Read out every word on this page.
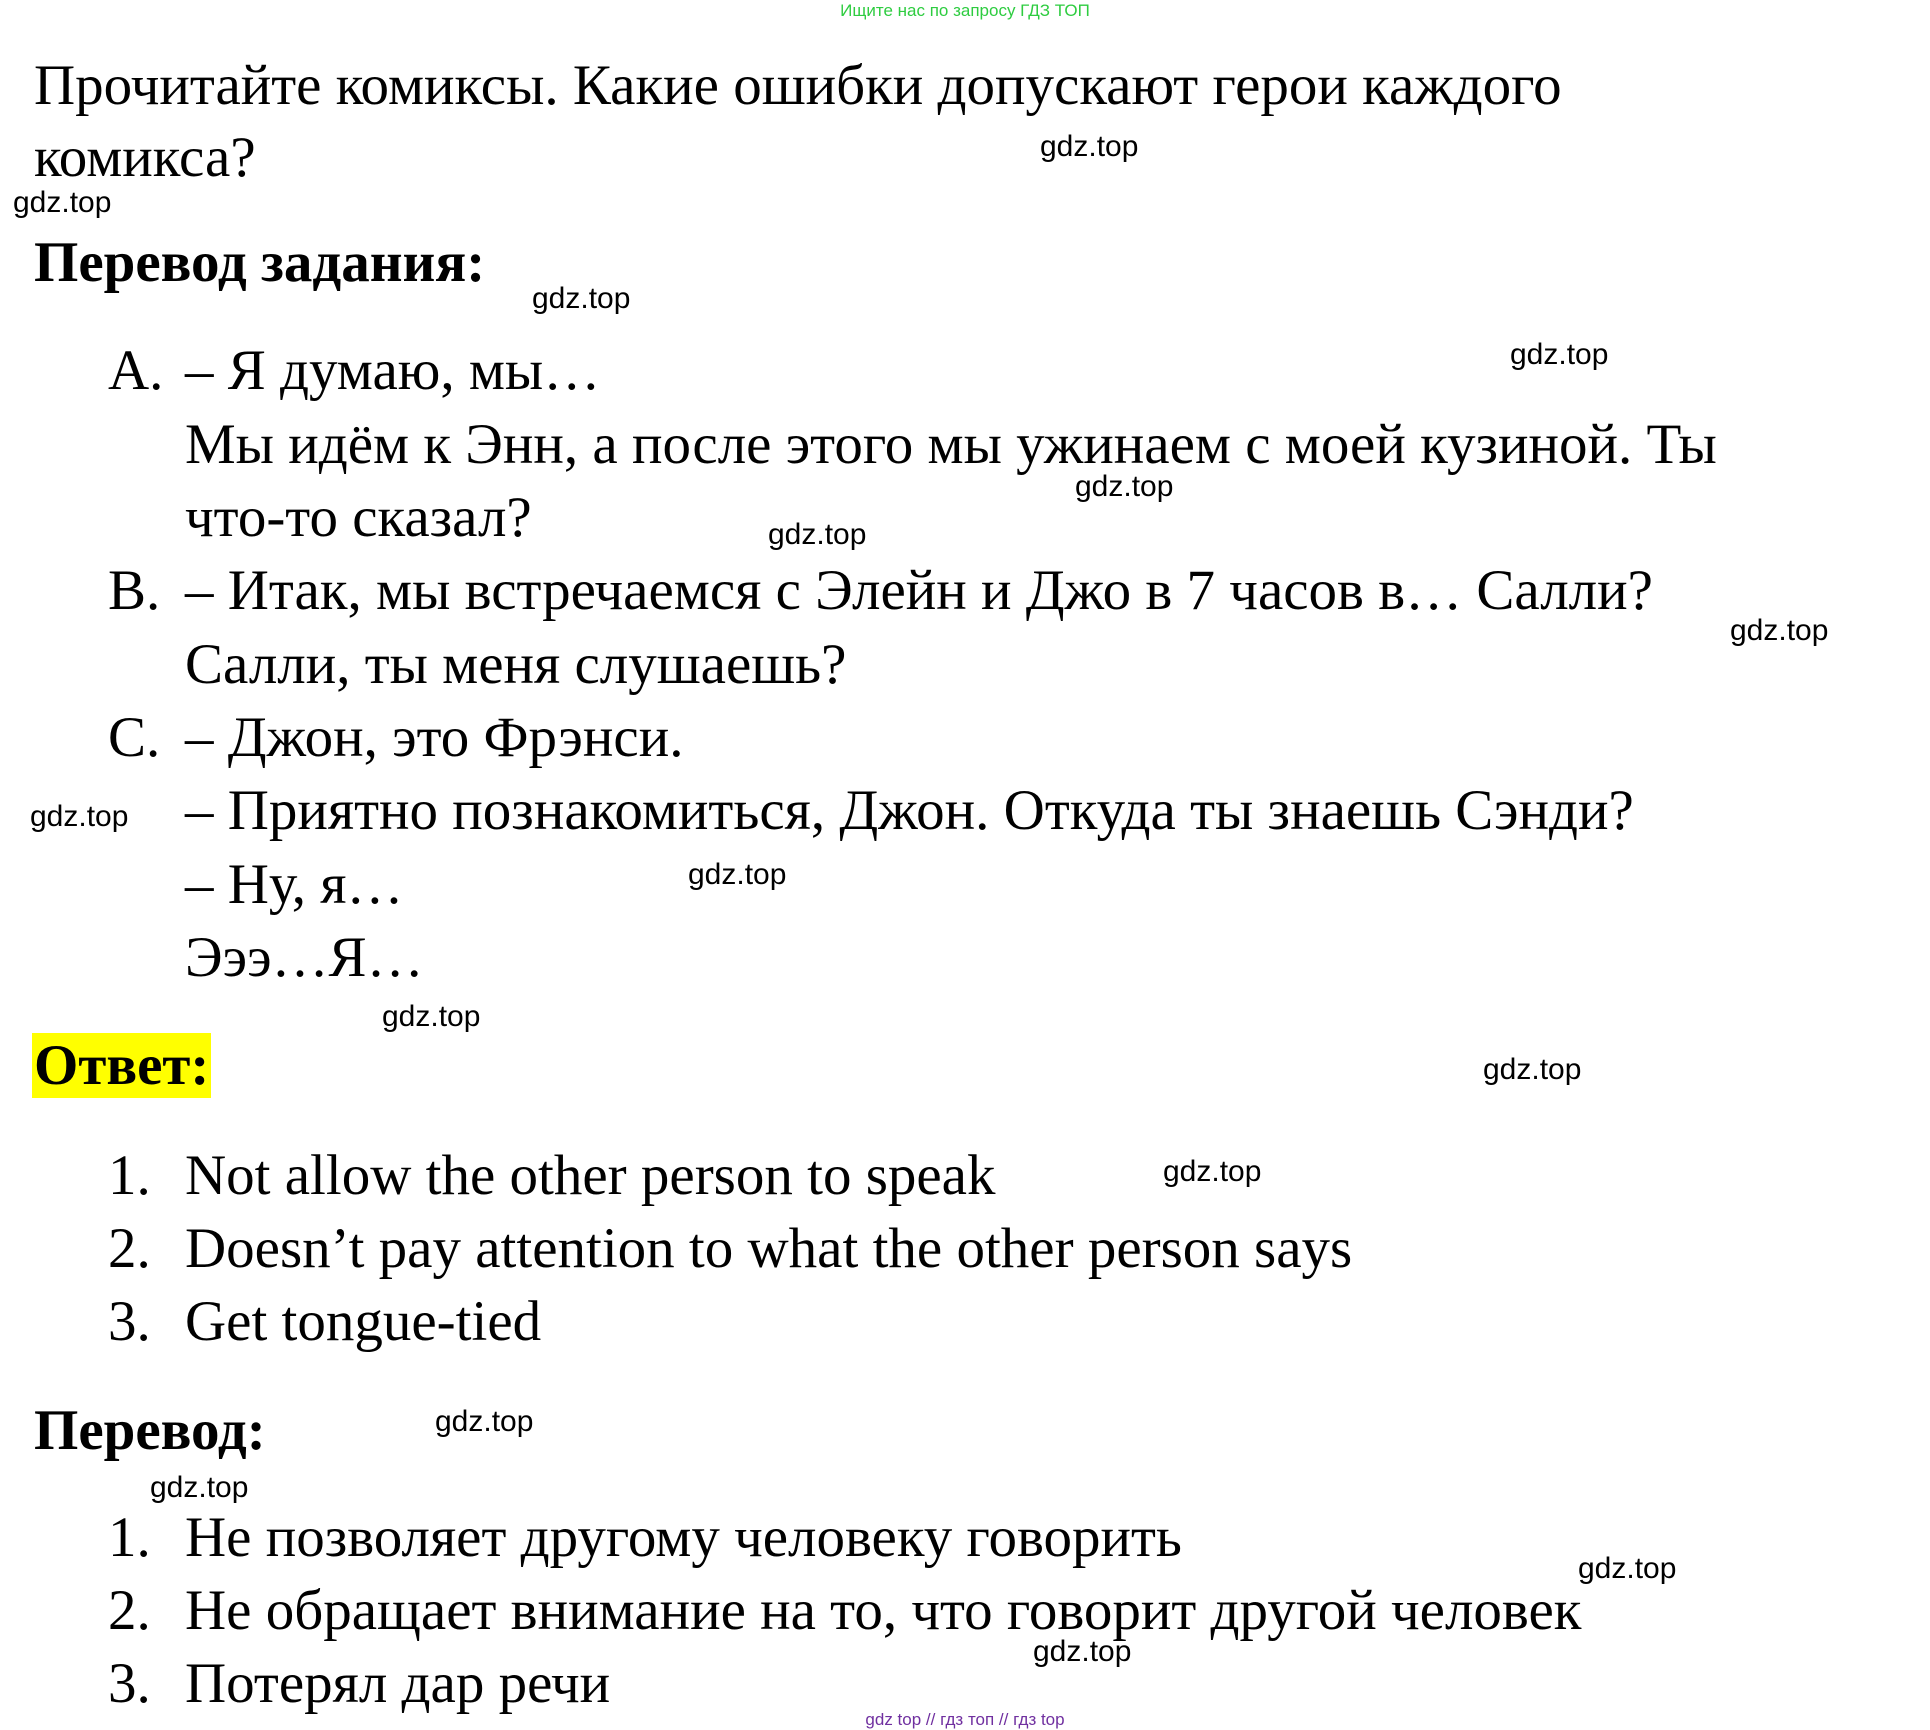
Ищите нас по запросу ГДЗ ТОП
Прочитайте комиксы. Какие ошибки допускают герои каждого
комикса?
Перевод задания:
A. – Я думаю, мы…
Мы идём к Энн, а после этого мы ужинаем с моей кузиной. Ты
что-то сказал?
B. – Итак, мы встречаемся с Элейн и Джо в 7 часов в… Салли?
Салли, ты меня слушаешь?
C. – Джон, это Фрэнси.
– Приятно познакомиться, Джон. Откуда ты знаешь Сэнди?
– Ну, я…
Эээ…Я…
Ответ:
1. Not allow the other person to speak
2. Doesn’t pay attention to what the other person says
3. Get tongue-tied
Перевод:
1. Не позволяет другому человеку говорить
2. Не обращает внимание на то, что говорит другой человек
3. Потерял дар речи
gdz.top
gdz.top
gdz.top
gdz.top
gdz.top
gdz.top
gdz.top
gdz.top
gdz.top
gdz.top
gdz.top
gdz.top
gdz.top
gdz.top
gdz.top
gdz.top
gdz top // гдз топ // гдз top
